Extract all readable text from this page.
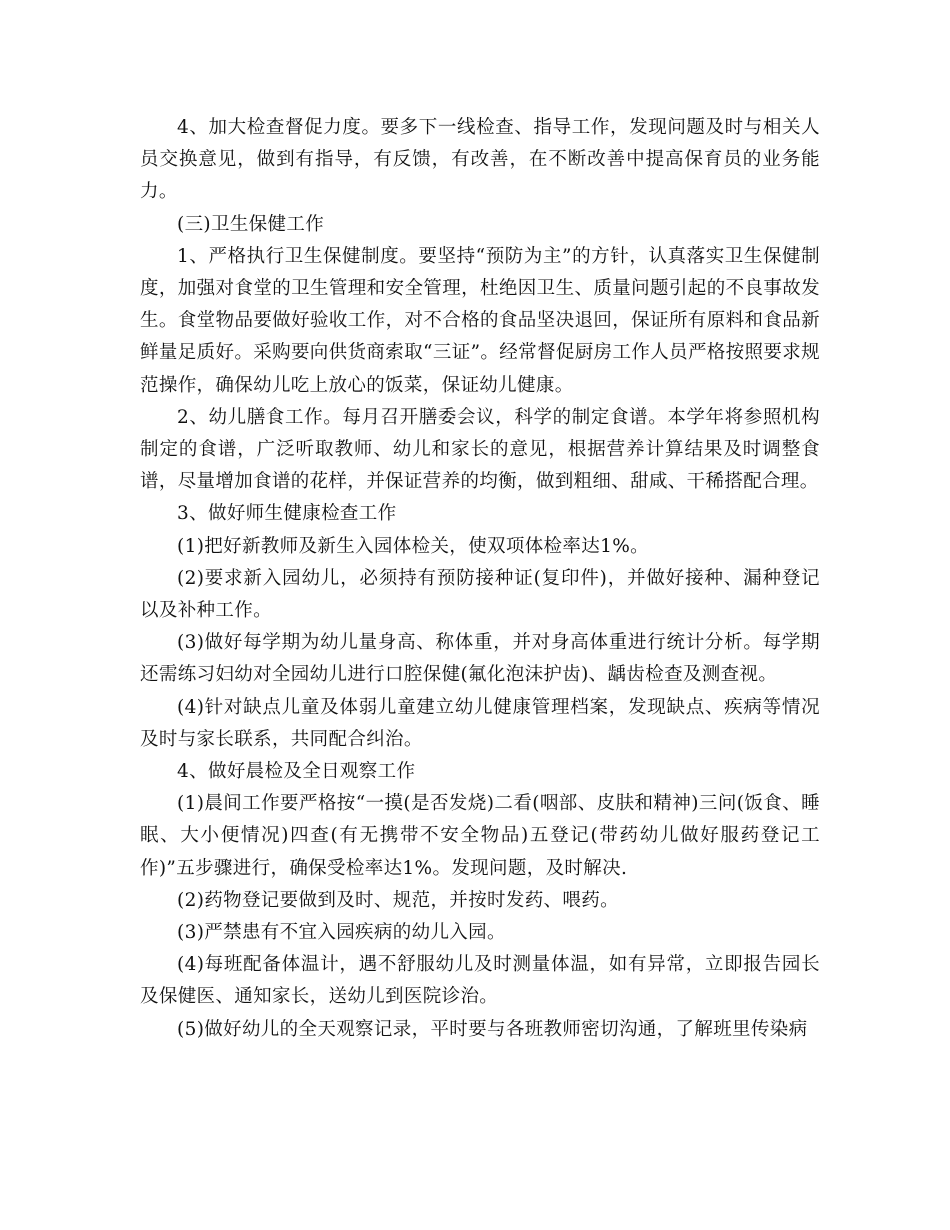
4、加大检查督促力度。要多下一线检查、指导工作，发现问题及时与相关人员交换意见，做到有指导，有反馈，有改善，在不断改善中提高保育员的业务能力。

(三)卫生保健工作

1、严格执行卫生保健制度。要坚持“预防为主”的方针，认真落实卫生保健制度，加强对食堂的卫生管理和安全管理，杜绝因卫生、质量问题引起的不良事故发生。食堂物品要做好验收工作，对不合格的食品坚决退回，保证所有原料和食品新鲜量足质好。采购要向供货商索取“三证”。经常督促厨房工作人员严格按照要求规范操作，确保幼儿吃上放心的饭菜，保证幼儿健康。

2、幼儿膳食工作。每月召开膳委会议，科学的制定食谱。本学年将参照机构制定的食谱，广泛听取教师、幼儿和家长的意见，根据营养计算结果及时调整食谱，尽量增加食谱的花样，并保证营养的均衡，做到粗细、甜咸、干稀搭配合理。

3、做好师生健康检查工作

(1)把好新教师及新生入园体检关，使双项体检率达1%。

(2)要求新入园幼儿，必须持有预防接种证(复印件)，并做好接种、漏种登记以及补种工作。

(3)做好每学期为幼儿量身高、称体重，并对身高体重进行统计分析。每学期还需练习妇幼对全园幼儿进行口腔保健(氟化泡沫护齿)、龋齿检查及测查视。

(4)针对缺点儿童及体弱儿童建立幼儿健康管理档案，发现缺点、疾病等情况及时与家长联系，共同配合纠治。

4、做好晨检及全日观察工作

(1)晨间工作要严格按“一摸(是否发烧)二看(咽部、皮肤和精神)三问(饭食、睡眠、大小便情况)四查(有无携带不安全物品)五登记(带药幼儿做好服药登记工作)”五步骤进行，确保受检率达1%。发现问题，及时解决.

(2)药物登记要做到及时、规范，并按时发药、喂药。

(3)严禁患有不宜入园疾病的幼儿入园。

(4)每班配备体温计，遇不舒服幼儿及时测量体温，如有异常，立即报告园长及保健医、通知家长，送幼儿到医院诊治。

(5)做好幼儿的全天观察记录，平时要与各班教师密切沟通，了解班里传染病
